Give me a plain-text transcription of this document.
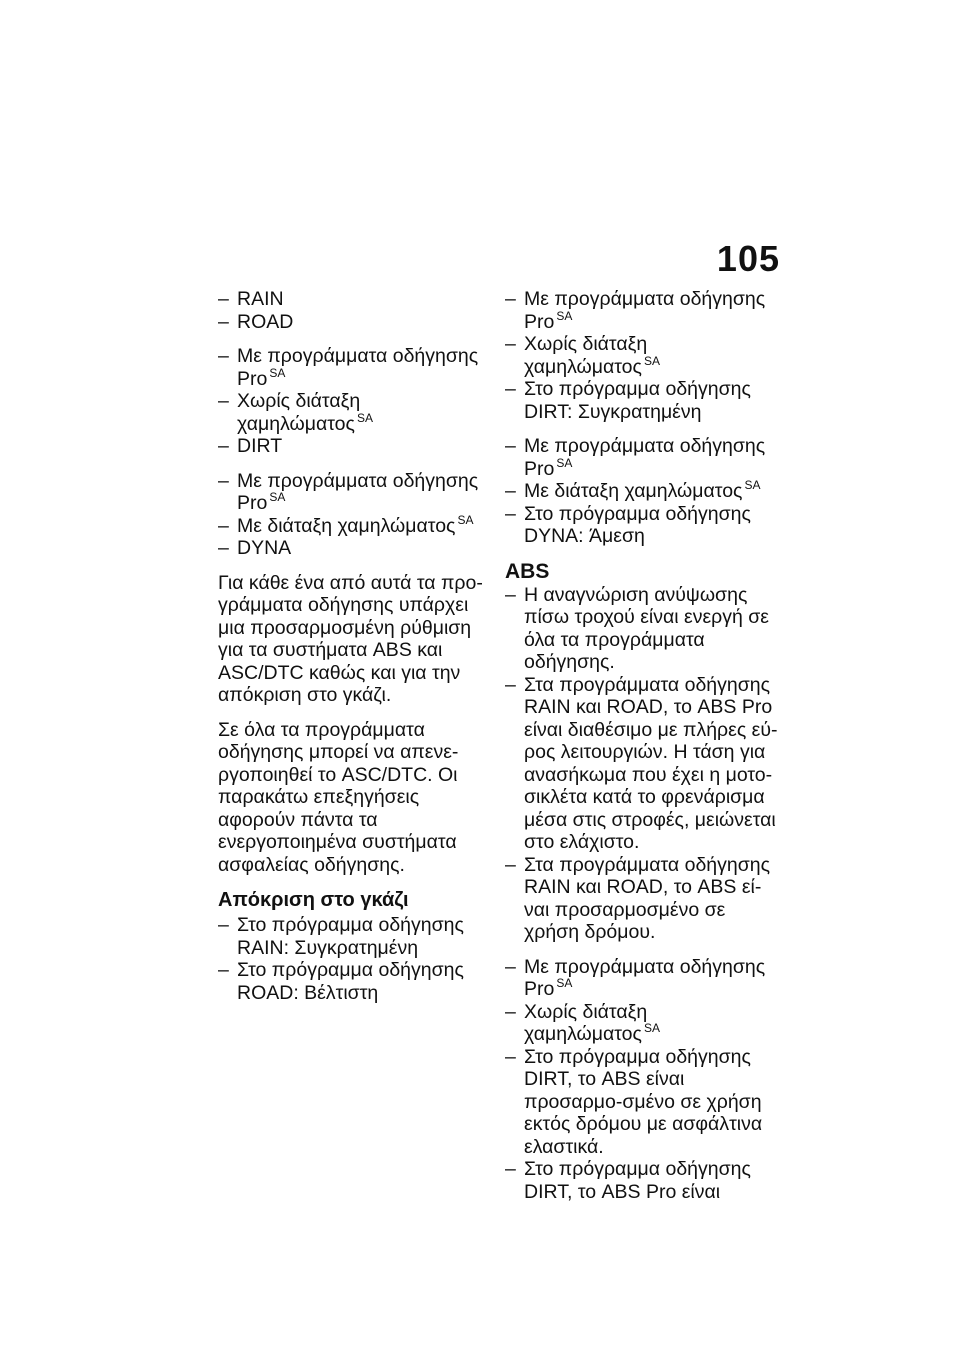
105
– RAIN
– ROAD
– Με προγράμματα οδήγησης
Pro $^{SA}$
– Χωρίς διάταξη χαμηλώματος $^{SA}$
– DIRT
– Με προγράμματα οδήγησης
Pro $^{SA}$
– Με διάταξη χαμηλώματος $^{SA}$
– DYNA

Για κάθε ένα από αυτά τα προ-γράμματα οδήγησης υπάρχει μια προσαρμοσμένη ρύθμιση για τα συστήματα ABS και ASC/DTC καθώς και για την απόκριση στο γκάζι.

Σε όλα τα προγράμματα οδήγησης μπορεί να απενε-ργοποιηθεί το ASC/DTC. Οι παρακάτω επεξηγήσεις αφορούν πάντα τα ενεργοποιημένα συστήματα ασφαλείας οδήγησης.

Απόκριση στο γκάζι
– Στο πρόγραμμα οδήγησης
RAIN: Συγκρατημένη
– Στο πρόγραμμα οδήγησης
ROAD: Βέλτιστη
– Με προγράμματα οδήγησης
Pro $^{SA}$
– Χωρίς διάταξη χαμηλώματος $^{SA}$
– Στο πρόγραμμα οδήγησης
DIRT: Συγκρατημένη
– Με προγράμματα οδήγησης
Pro $^{SA}$
– Με διάταξη χαμηλώματος $^{SA}$
– Στο πρόγραμμα οδήγησης
DYNA: Άμεση
ABS
– Η αναγνώριση ανύψωσης πίσω τροχού είναι ενεργή σε όλα τα προγράμματα οδήγησης.
– Στα προγράμματα οδήγησης RAIN και ROAD, το ABS Pro είναι διαθέσιμο με πλήρες εύ-ρος λειτουργιών. Η τάση για ανασήκωμα που έχει η μοτο-σικλέτα κατά το φρενάρισμα μέσα στις στροφές, μειώνεται στο ελάχιστο.
– Στα προγράμματα οδήγησης RAIN και ROAD, το ABS εί-ναι προσαρμοσμένο σε χρήση δρόμου.
– Με προγράμματα οδήγησης
Pro $^{SA}$
– Χωρίς διάταξη χαμηλώματος $^{SA}$
– Στο πρόγραμμα οδήγησης DIRT, το ABS είναι προσαρμο-σμένο σε χρήση εκτός δρόμου με ασφάλτινα ελαστικά.
– Στο πρόγραμμα οδήγησης DIRT, το ABS Pro είναι
